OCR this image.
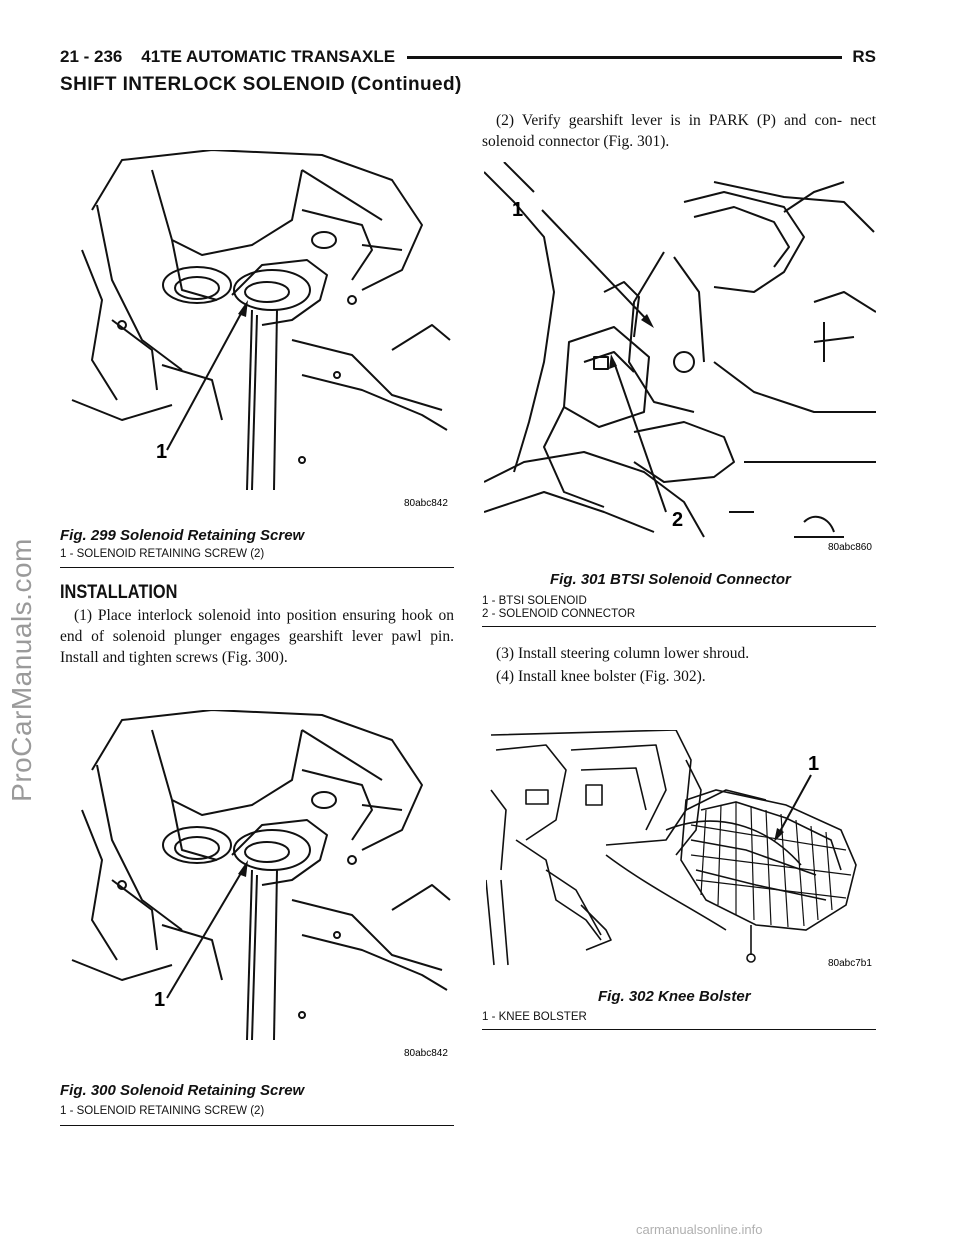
21 - 236 41TE AUTOMATIC TRANSAXLE	RS
SHIFT INTERLOCK SOLENOID (Continued)
1
80abc842
Fig. 299 Solenoid Retaining Screw
1 - SOLENOID RETAINING SCREW (2)
INSTALLATION
(1) Place interlock solenoid into position ensuring hook on end of solenoid plunger engages gearshift lever pawl pin. Install and tighten screws (Fig. 300).
1
80abc842
Fig. 300 Solenoid Retaining Screw
1 - SOLENOID RETAINING SCREW (2)
(2) Verify gearshift lever is in PARK (P) and con- nect solenoid connector (Fig. 301).
1
2
80abc860
Fig. 301 BTSI Solenoid Connector
1 - BTSI SOLENOID
2 - SOLENOID CONNECTOR
(3) Install steering column lower shroud.
(4) Install knee bolster (Fig. 302).
1
80abc7b1
Fig. 302 Knee Bolster
1 - KNEE BOLSTER
ProCarManuals.com
carmanualsonline.info
